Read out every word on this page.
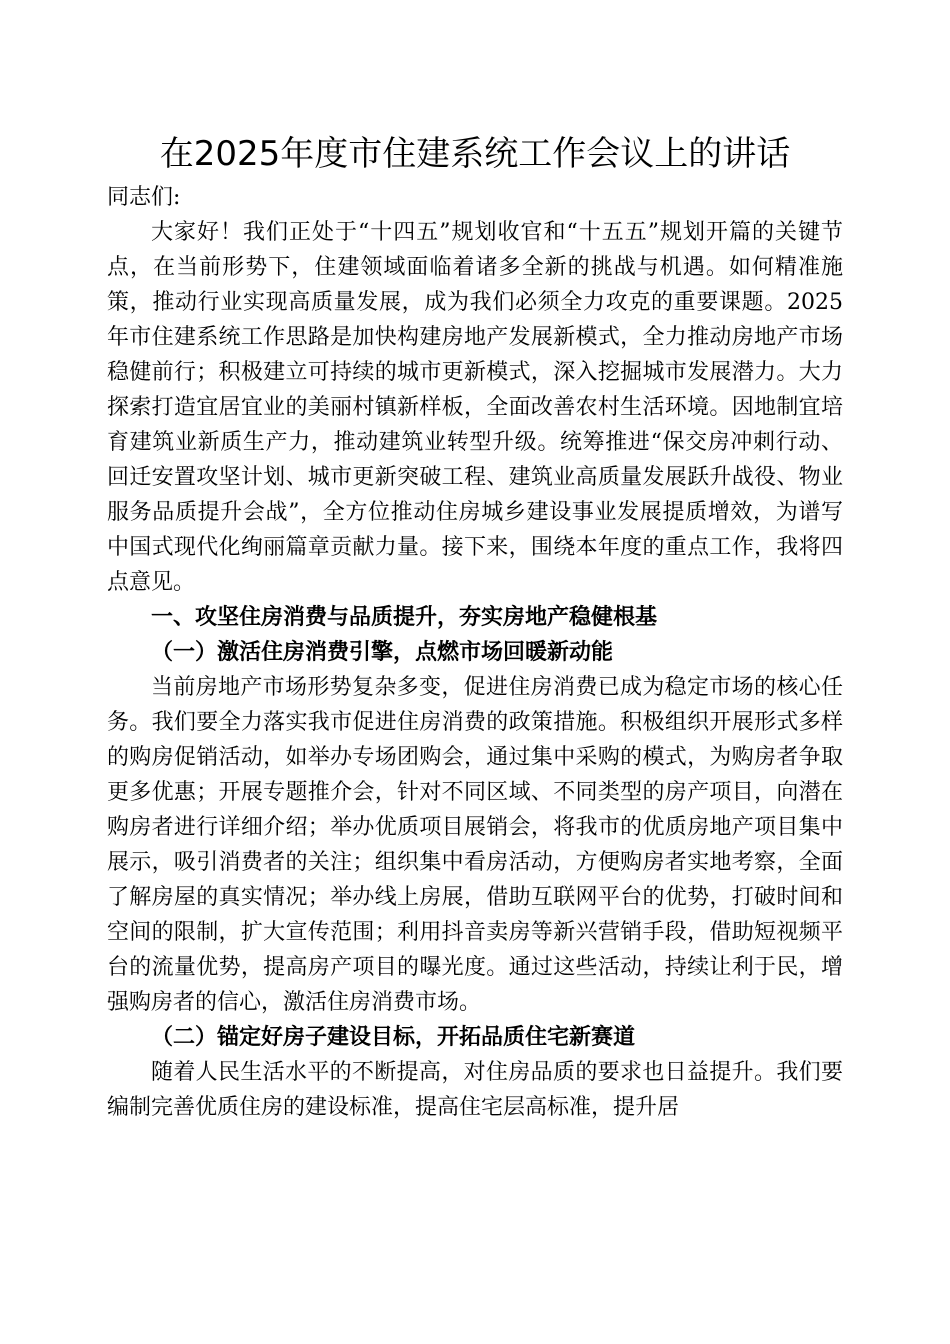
在2025年度市住建系统工作会议上的讲话

同志们:

大家好！我们正处于“十四五”规划收官和“十五五”规划开篇的关键节点，在当前形势下，住建领域面临着诸多全新的挑战与机遇。如何精准施策，推动行业实现高质量发展，成为我们必须全力攻克的重要课题。2025年市住建系统工作思路是加快构建房地产发展新模式，全力推动房地产市场稳健前行；积极建立可持续的城市更新模式，深入挖掘城市发展潜力。大力探索打造宜居宜业的美丽村镇新样板，全面改善农村生活环境。因地制宜培育建筑业新质生产力，推动建筑业转型升级。统筹推进“保交房冲刺行动、回迁安置攻坚计划、城市更新突破工程、建筑业高质量发展跃升战役、物业服务品质提升会战”，全方位推动住房城乡建设事业发展提质增效，为谱写中国式现代化绚丽篇章贡献力量。接下来，围绕本年度的重点工作，我将四点意见。

一、攻坚住房消费与品质提升，夯实房地产稳健根基

（一）激活住房消费引擎，点燃市场回暖新动能

当前房地产市场形势复杂多变，促进住房消费已成为稳定市场的核心任务。我们要全力落实我市促进住房消费的政策措施。积极组织开展形式多样的购房促销活动，如举办专场团购会，通过集中采购的模式，为购房者争取更多优惠；开展专题推介会，针对不同区域、不同类型的房产项目，向潜在购房者进行详细介绍；举办优质项目展销会，将我市的优质房地产项目集中展示，吸引消费者的关注；组织集中看房活动，方便购房者实地考察，全面了解房屋的真实情况；举办线上房展，借助互联网平台的优势，打破时间和空间的限制，扩大宣传范围；利用抖音卖房等新兴营销手段，借助短视频平台的流量优势，提高房产项目的曝光度。通过这些活动，持续让利于民，增强购房者的信心，激活住房消费市场。

（二）锚定好房子建设目标，开拓品质住宅新赛道

随着人民生活水平的不断提高，对住房品质的要求也日益提升。我们要编制完善优质住房的建设标准，提高住宅层高标准，提升居
